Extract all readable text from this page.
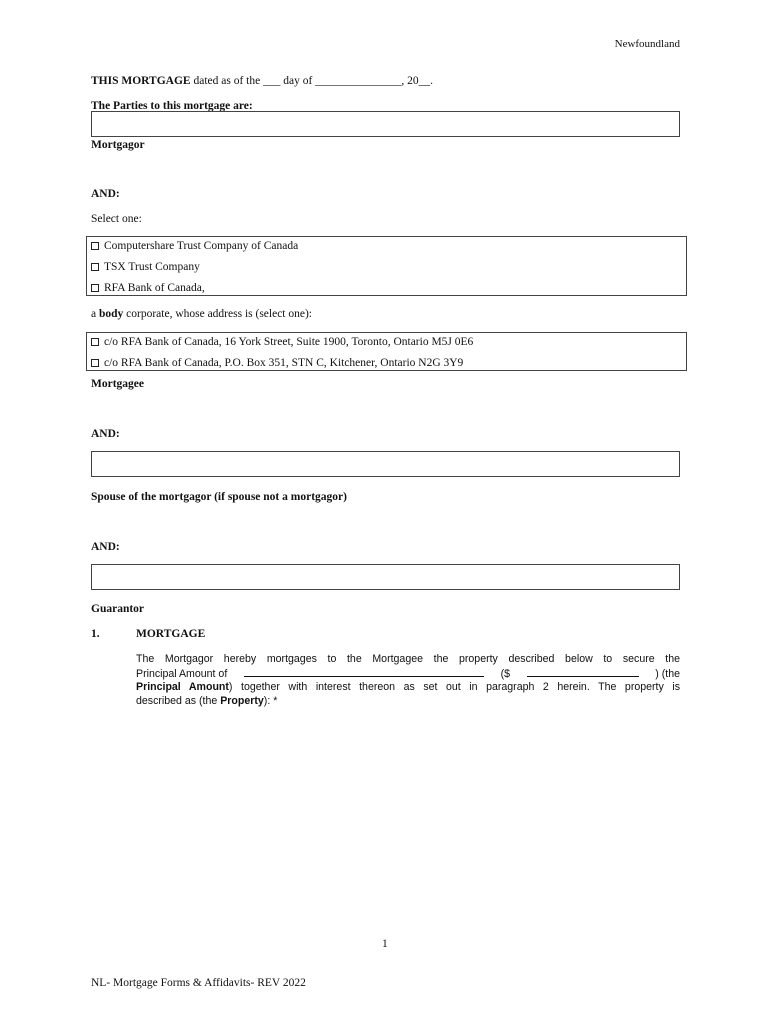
Newfoundland
THIS MORTGAGE dated as of the ___ day of _______________, 20__.
The Parties to this mortgage are:
Mortgagor
AND:
Select one:
Computershare Trust Company of Canada
TSX Trust Company
RFA Bank of Canada,
a body corporate, whose address is (select one):
c/o RFA Bank of Canada, 16 York Street, Suite 1900, Toronto, Ontario M5J 0E6
c/o RFA Bank of Canada, P.O. Box 351, STN C, Kitchener, Ontario N2G 3Y9
Mortgagee
AND:
Spouse of the mortgagor (if spouse not a mortgagor)
AND:
Guarantor
1.	MORTGAGE
The Mortgagor hereby mortgages to the Mortgagee the property described below to secure the
Principal Amount of	($	) (the
Principal Amount) together with interest thereon as set out in paragraph 2 herein. The property is
described as (the Property): *
1
NL- Mortgage Forms & Affidavits- REV 2022
